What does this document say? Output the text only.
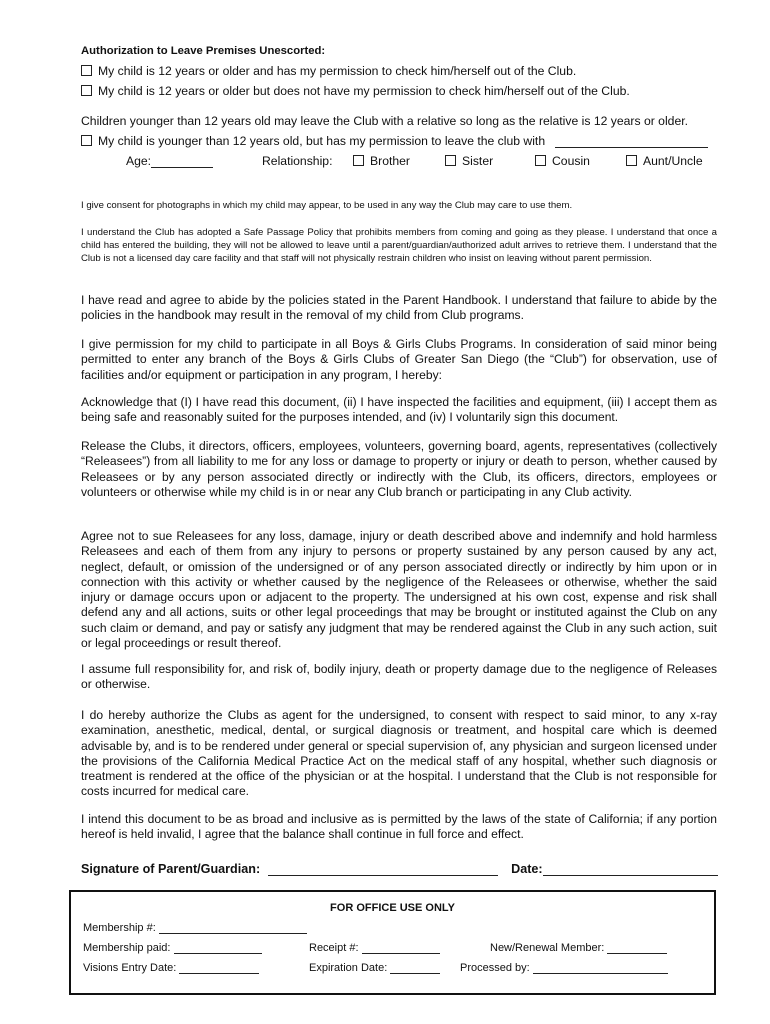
Authorization to Leave Premises Unescorted:
My child is 12 years or older and has my permission to check him/herself out of the Club.
My child is 12 years or older but does not have my permission to check him/herself out of the Club.
Children younger than 12 years old may leave the Club with a relative so long as the relative is 12 years or older.
My child is younger than 12 years old, but has my permission to leave the club with
Age:	Relationship:	Brother	Sister	Cousin	Aunt/Uncle
I give consent for photographs in which my child may appear, to be used in any way the Club may care to use them.
I understand the Club has adopted a Safe Passage Policy that prohibits members from coming and going as they please. I understand that once a child has entered the building, they will not be allowed to leave until a parent/guardian/authorized adult arrives to retrieve them. I understand that the Club is not a licensed day care facility and that staff will not physically restrain children who insist on leaving without parent permission.
I have read and agree to abide by the policies stated in the Parent Handbook. I understand that failure to abide by the policies in the handbook may result in the removal of my child from Club programs.
I give permission for my child to participate in all Boys & Girls Clubs Programs. In consideration of said minor being permitted to enter any branch of the Boys & Girls Clubs of Greater San Diego (the “Club”) for observation, use of facilities and/or equipment or participation in any program, I hereby:
Acknowledge that (I) I have read this document, (ii) I have inspected the facilities and equipment, (iii) I accept them as being safe and reasonably suited for the purposes intended, and (iv) I voluntarily sign this document.
Release the Clubs, it directors, officers, employees, volunteers, governing board, agents, representatives (collectively “Releasees”) from all liability to me for any loss or damage to property or injury or death to person, whether caused by Releasees or by any person associated directly or indirectly with the Club, its officers, directors, employees or volunteers or otherwise while my child is in or near any Club branch or participating in any Club activity.
Agree not to sue Releasees for any loss, damage, injury or death described above and indemnify and hold harmless Releasees and each of them from any injury to persons or property sustained by any person caused by any act, neglect, default, or omission of the undersigned or of any person associated directly or indirectly by him upon or in connection with this activity or whether caused by the negligence of the Releasees or otherwise, whether the said injury or damage occurs upon or adjacent to the property. The undersigned at his own cost, expense and risk shall defend any and all actions, suits or other legal proceedings that may be brought or instituted against the Club on any such claim or demand, and pay or satisfy any judgment that may be rendered against the Club in any such action, suit or legal proceedings or result thereof.
I assume full responsibility for, and risk of, bodily injury, death or property damage due to the negligence of Releases or otherwise.
I do hereby authorize the Clubs as agent for the undersigned, to consent with respect to said minor, to any x-ray examination, anesthetic, medical, dental, or surgical diagnosis or treatment, and hospital care which is deemed advisable by, and is to be rendered under general or special supervision of, any physician and surgeon licensed under the provisions of the California Medical Practice Act on the medical staff of any hospital, whether such diagnosis or treatment is rendered at the office of the physician or at the hospital. I understand that the Club is not responsible for costs incurred for medical care.
I intend this document to be as broad and inclusive as is permitted by the laws of the state of California; if any portion hereof is held invalid, I agree that the balance shall continue in full force and effect.
Signature of Parent/Guardian:	Date:
FOR OFFICE USE ONLY
Membership #:
Membership paid:	Receipt #:	New/Renewal Member:
Visions Entry Date:	Expiration Date:	Processed by:
